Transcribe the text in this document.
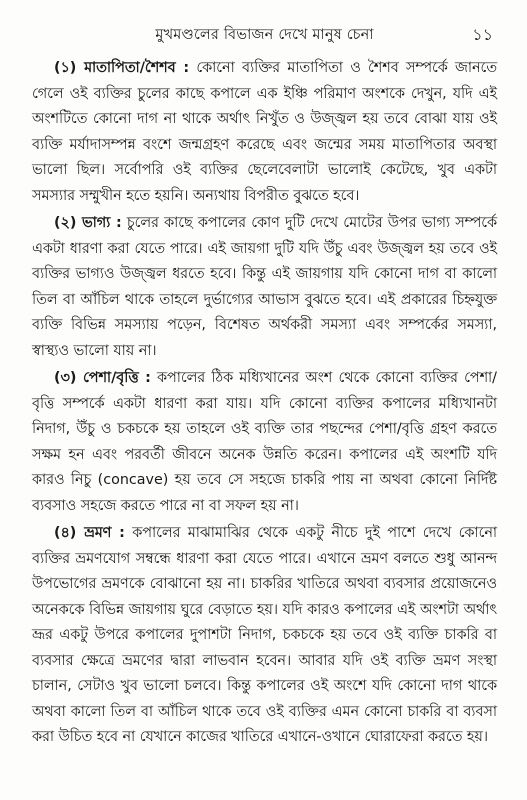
মুখমণ্ডলের বিভাজন দেখে মানুষ চেনা	১১

(১) মাতাপিতা/শৈশব : কোনো ব্যক্তির মাতাপিতা ও শৈশব সম্পর্কে জানতে গেলে ওই ব্যক্তির চুলের কাছে কপালে এক ইঞ্চি পরিমাণ অংশকে দেখুন, যদি এই অংশটিতে কোনো দাগ না থাকে অর্থাৎ নিখুঁত ও উজ্জ্বল হয় তবে বোঝা যায় ওই ব্যক্তি মর্যাদাসম্পন্ন বংশে জন্মগ্রহণ করেছে এবং জন্মের সময় মাতাপিতার অবস্থা ভালো ছিল। সর্বোপরি ওই ব্যক্তির ছেলেবেলাটা ভালোই কেটেছে, খুব একটা সমস্যার সম্মুখীন হতে হয়নি। অন্যথায় বিপরীত বুঝতে হবে।

(২) ভাগ্য : চুলের কাছে কপালের কোণ দুটি দেখে মোটের উপর ভাগ্য সম্পর্কে একটা ধারণা করা যেতে পারে। এই জায়গা দুটি যদি উঁচু এবং উজ্জ্বল হয় তবে ওই ব্যক্তির ভাগ্যও উজ্জ্বল ধরতে হবে। কিন্তু এই জায়গায় যদি কোনো দাগ বা কালো তিল বা আঁচিল থাকে তাহলে দুর্ভাগ্যের আভাস বুঝতে হবে। এই প্রকারের চিহ্নযুক্ত ব্যক্তি বিভিন্ন সমস্যায় পড়েন, বিশেষত অর্থকরী সমস্যা এবং সম্পর্কের সমস্যা, স্বাস্থ্যও ভালো যায় না।

(৩) পেশা/বৃত্তি : কপালের ঠিক মধ্যিখানের অংশ থেকে কোনো ব্যক্তির পেশা/বৃত্তি সম্পর্কে একটা ধারণা করা যায়। যদি কোনো ব্যক্তির কপালের মধ্যিখানটা নিদাগ, উঁচু ও চকচকে হয় তাহলে ওই ব্যক্তি তার পছন্দের পেশা/বৃত্তি গ্রহণ করতে সক্ষম হন এবং পরবর্তী জীবনে অনেক উন্নতি করেন। কপালের এই অংশটি যদি কারও নিচু (concave) হয় তবে সে সহজে চাকরি পায় না অথবা কোনো নির্দিষ্ট ব্যবসাও সহজে করতে পারে না বা সফল হয় না।

(৪) ভ্রমণ : কপালের মাঝামাঝির থেকে একটু নীচে দুই পাশে দেখে কোনো ব্যক্তির ভ্রমণযোগ সম্বন্ধে ধারণা করা যেতে পারে। এখানে ভ্রমণ বলতে শুধু আনন্দ উপভোগের ভ্রমণকে বোঝানো হয় না। চাকরির খাতিরে অথবা ব্যবসার প্রয়োজনেও অনেককে বিভিন্ন জায়গায় ঘুরে বেড়াতে হয়। যদি কারও কপালের এই অংশটা অর্থাৎ ভ্রূর একটু উপরে কপালের দুপাশটা নিদাগ, চকচকে হয় তবে ওই ব্যক্তি চাকরি বা ব্যবসার ক্ষেত্রে ভ্রমণের দ্বারা লাভবান হবেন। আবার যদি ওই ব্যক্তি ভ্রমণ সংস্থা চালান, সেটাও খুব ভালো চলবে। কিন্তু কপালের ওই অংশে যদি কোনো দাগ থাকে অথবা কালো তিল বা আঁচিল থাকে তবে ওই ব্যক্তির এমন কোনো চাকরি বা ব্যবসা করা উচিত হবে না যেখানে কাজের খাতিরে এখানে-ওখানে ঘোরাফেরা করতে হয়।
